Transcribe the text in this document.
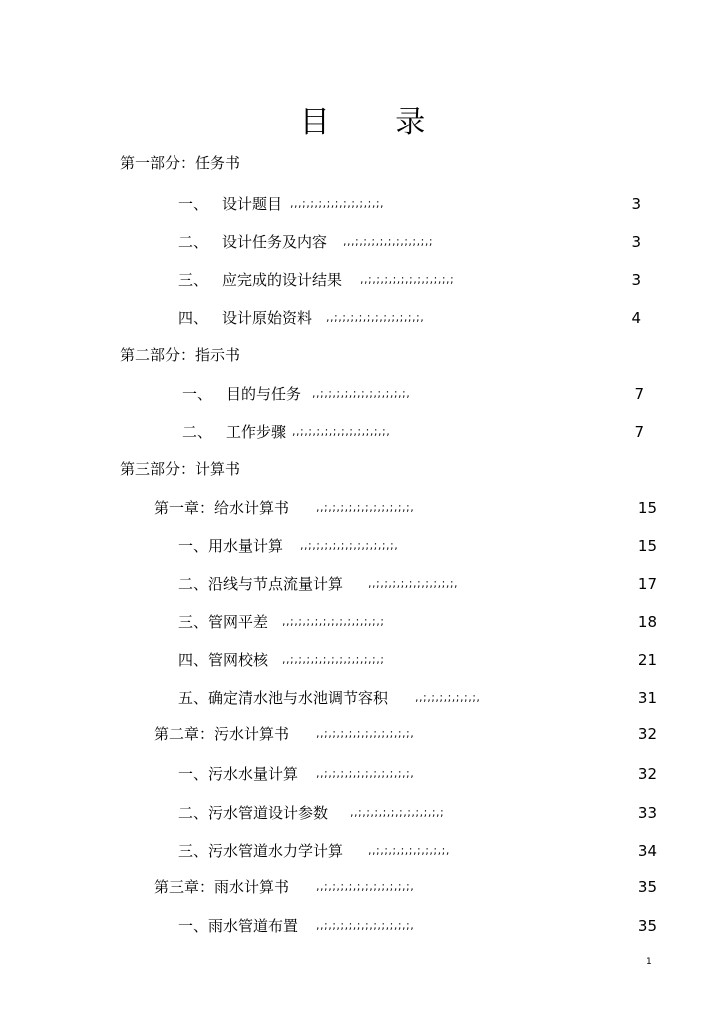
目 录
第一部分：任务书
一、 设计题目 ,,,;,;,;,;,;,;,;,;,;,;,	3
二、 设计任务及内容 ,,,;,;,;,;,;,;,;,;,;,;	3
三、 应完成的设计结果 ,,;,;,;,;,;,;,;,;,;,;,;	3
四、 设计原始资料 ,,;,;,;,;,;,;,;,;,;,;,;,	4
第二部分：指示书
一、 目的与任务 ,,;,;,;,;,;,;,;,;,;,;,;,	7
二、 工作步骤 ,,;,;,;,;,;,;,;,;,;,;,;,	7
第三部分：计算书
第一章：给水计算书 ,,;,;,;,;,;,;,;,;,;,;,;,	15
一、用水量计算 ,,;,;,;,;,;,;,;,;,;,;,;,	15
二、沿线与节点流量计算 ,,;,;,;,;,;,;,;,;,;,;,	17
三、管网平差 ,,;,;,;,;,;,;,;,;,;,;,;,;	18
四、管网校核 ,,;,;,;,;,;,;,;,;,;,;,;,;	21
五、确定清水池与水池调节容积 ,,;,;,;,;,;,;,;,	31
第二章：污水计算书 ,,;,;,;,;,;,;,;,;,;,;,;,	32
一、污水水量计算 ,,;,;,;,;,;,;,;,;,;,;,;,	32
二、污水管道设计参数 ,,;,;,;,;,;,;,;,;,;,;,;	33
三、污水管道水力学计算 ,,;,;,;,;,;,;,;,;,;,	34
第三章：雨水计算书 ,,;,;,;,;,;,;,;,;,;,;,;,	35
一、雨水管道布置 ,,;,;,;,;,;,;,;,;,;,;,;,	35
1
